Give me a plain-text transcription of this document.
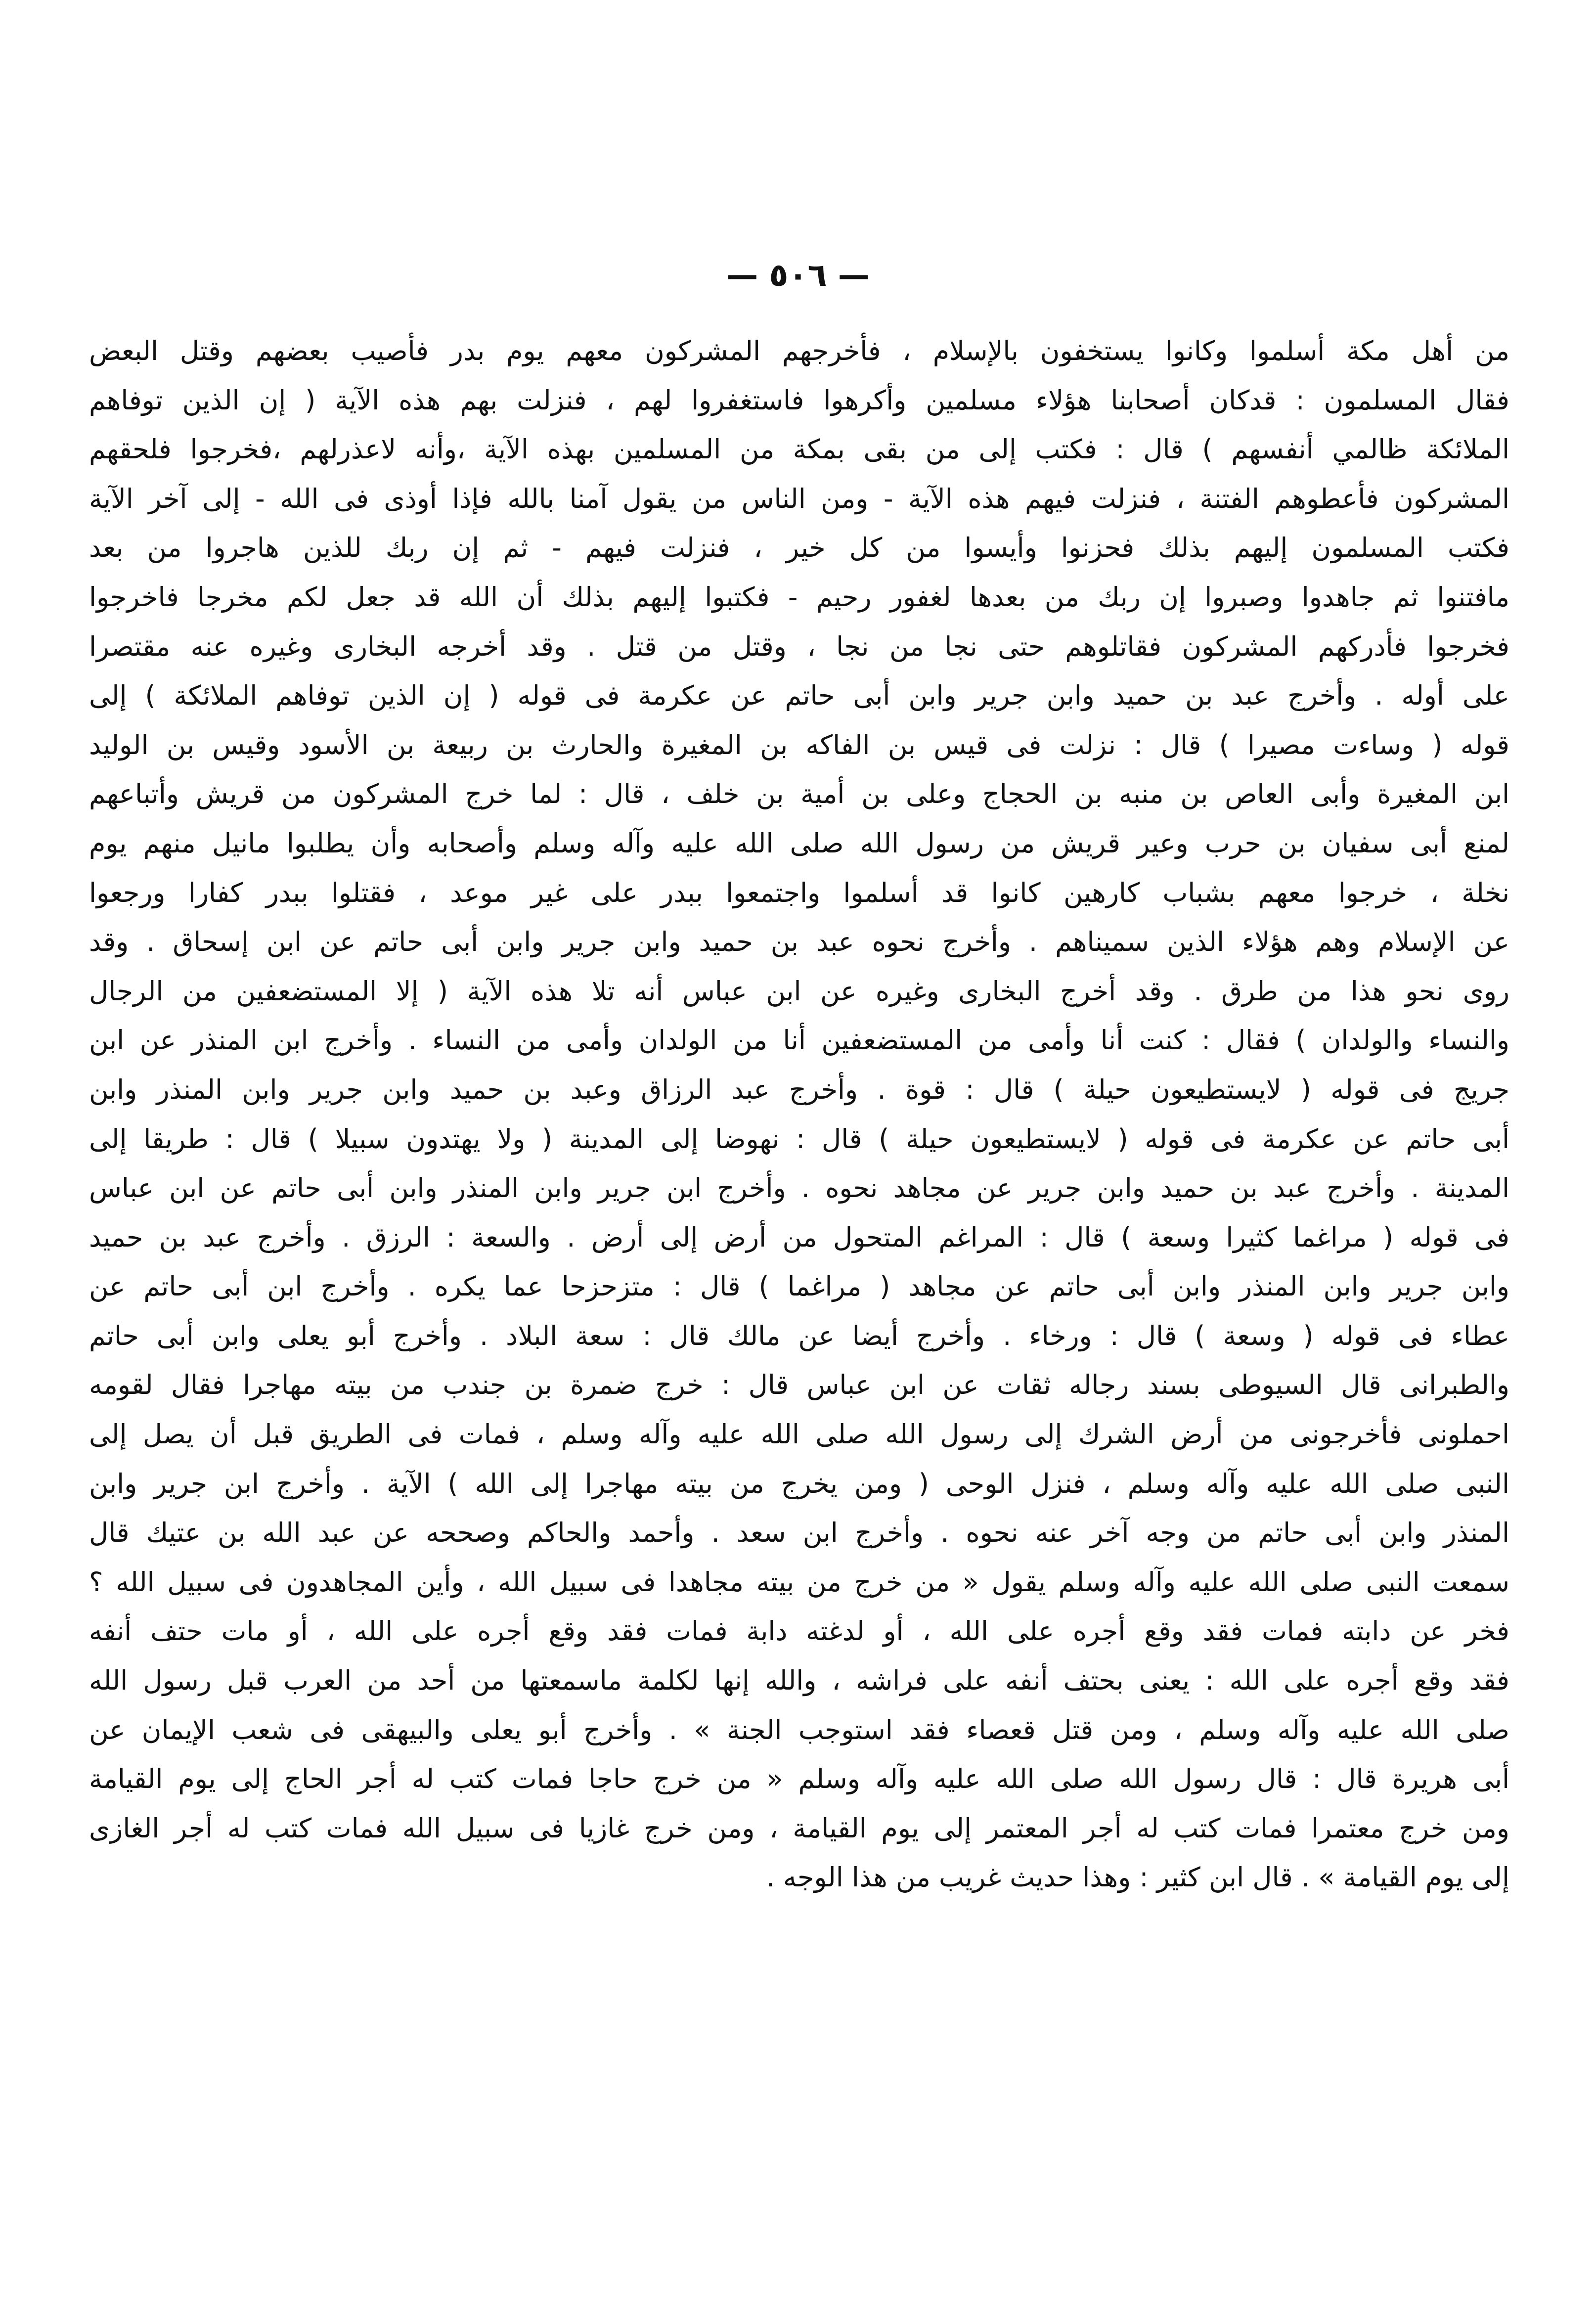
— ٥٠٦ —
من أهل مكة أسلموا وكانوا يستخفون بالإسلام ، فأخرجهم المشركون معهم يوم بدر فأصيب بعضهم وقتل البعض
فقال المسلمون : قدكان أصحابنا هؤلاء مسلمين وأكرهوا فاستغفروا لهم ، فنزلت بهم هذه الآية ( إن الذين توفاهم
الملائكة ظالمي أنفسهم ) قال : فكتب إلى من بقى بمكة من المسلمين بهذه الآية ،وأنه لاعذرلهم ،فخرجوا فلحقهم
المشركون فأعطوهم الفتنة ، فنزلت فيهم هذه الآية - ومن الناس من يقول آمنا بالله فإذا أوذى فى الله - إلى آخر الآية
فكتب المسلمون إليهم بذلك فحزنوا وأيسوا من كل خير ، فنزلت فيهم - ثم إن ربك للذين هاجروا من بعد
مافتنوا ثم جاهدوا وصبروا إن ربك من بعدها لغفور رحيم - فكتبوا إليهم بذلك أن الله قد جعل لكم مخرجا فاخرجوا
فخرجوا فأدركهم المشركون فقاتلوهم حتى نجا من نجا ، وقتل من قتل . وقد أخرجه البخارى وغيره عنه مقتصرا
على أوله . وأخرج عبد بن حميد وابن جرير وابن أبى حاتم عن عكرمة فى قوله ( إن الذين توفاهم الملائكة ) إلى
قوله ( وساءت مصيرا ) قال : نزلت فى قيس بن الفاكه بن المغيرة والحارث بن ربيعة بن الأسود وقيس بن الوليد
ابن المغيرة وأبى العاص بن منبه بن الحجاج وعلى بن أمية بن خلف ، قال : لما خرج المشركون من قريش وأتباعهم
لمنع أبى سفيان بن حرب وعير قريش من رسول الله صلى الله عليه وآله وسلم وأصحابه وأن يطلبوا مانيل منهم يوم
نخلة ، خرجوا معهم بشباب كارهين كانوا قد أسلموا واجتمعوا ببدر على غير موعد ، فقتلوا ببدر كفارا ورجعوا
عن الإسلام وهم هؤلاء الذين سميناهم . وأخرج نحوه عبد بن حميد وابن جرير وابن أبى حاتم عن ابن إسحاق . وقد
روى نحو هذا من طرق . وقد أخرج البخارى وغيره عن ابن عباس أنه تلا هذه الآية ( إلا المستضعفين من الرجال
والنساء والولدان ) فقال : كنت أنا وأمى من المستضعفين أنا من الولدان وأمى من النساء . وأخرج ابن المنذر عن ابن
جريج فى قوله ( لايستطيعون حيلة ) قال : قوة . وأخرج عبد الرزاق وعبد بن حميد وابن جرير وابن المنذر وابن
أبى حاتم عن عكرمة فى قوله ( لايستطيعون حيلة ) قال : نهوضا إلى المدينة ( ولا يهتدون سبيلا ) قال : طريقا إلى
المدينة . وأخرج عبد بن حميد وابن جرير عن مجاهد نحوه . وأخرج ابن جرير وابن المنذر وابن أبى حاتم عن ابن عباس
فى قوله ( مراغما كثيرا وسعة ) قال : المراغم المتحول من أرض إلى أرض . والسعة : الرزق . وأخرج عبد بن حميد
وابن جرير وابن المنذر وابن أبى حاتم عن مجاهد ( مراغما ) قال : متزحزحا عما يكره . وأخرج ابن أبى حاتم عن
عطاء فى قوله ( وسعة ) قال : ورخاء . وأخرج أيضا عن مالك قال : سعة البلاد . وأخرج أبو يعلى وابن أبى حاتم
والطبرانى قال السيوطى بسند رجاله ثقات عن ابن عباس قال : خرج ضمرة بن جندب من بيته مهاجرا فقال لقومه
احملونى فأخرجونى من أرض الشرك إلى رسول الله صلى الله عليه وآله وسلم ، فمات فى الطريق قبل أن يصل إلى
النبى صلى الله عليه وآله وسلم ، فنزل الوحى ( ومن يخرج من بيته مهاجرا إلى الله ) الآية . وأخرج ابن جرير وابن
المنذر وابن أبى حاتم من وجه آخر عنه نحوه . وأخرج ابن سعد . وأحمد والحاكم وصححه عن عبد الله بن عتيك قال
سمعت النبى صلى الله عليه وآله وسلم يقول « من خرج من بيته مجاهدا فى سبيل الله ، وأين المجاهدون فى سبيل الله ؟
فخر عن دابته فمات فقد وقع أجره على الله ، أو لدغته دابة فمات فقد وقع أجره على الله ، أو مات حتف أنفه
فقد وقع أجره على الله : يعنى بحتف أنفه على فراشه ، والله إنها لكلمة ماسمعتها من أحد من العرب قبل رسول الله
صلى الله عليه وآله وسلم ، ومن قتل قعصاء فقد استوجب الجنة » . وأخرج أبو يعلى والبيهقى فى شعب الإيمان عن
أبى هريرة قال : قال رسول الله صلى الله عليه وآله وسلم « من خرج حاجا فمات كتب له أجر الحاج إلى يوم القيامة
ومن خرج معتمرا فمات كتب له أجر المعتمر إلى يوم القيامة ، ومن خرج غازيا فى سبيل الله فمات كتب له أجر الغازى
إلى يوم القيامة » . قال ابن كثير : وهذا حديث غريب من هذا الوجه .
